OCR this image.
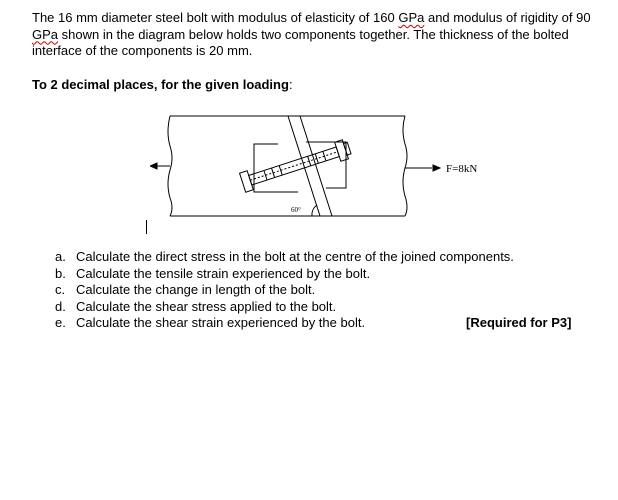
The 16 mm diameter steel bolt with modulus of elasticity of 160 GPa and modulus of rigidity of 90 GPa shown in the diagram below holds two components together. The thickness of the bolted interface of the components is 20 mm.

To 2 decimal places, for the given loading:

F=8kN
60°
a. Calculate the direct stress in the bolt at the centre of the joined components.
b. Calculate the tensile strain experienced by the bolt.
c. Calculate the change in length of the bolt.
d. Calculate the shear stress applied to the bolt.
e. Calculate the shear strain experienced by the bolt.	[Required for P3]
